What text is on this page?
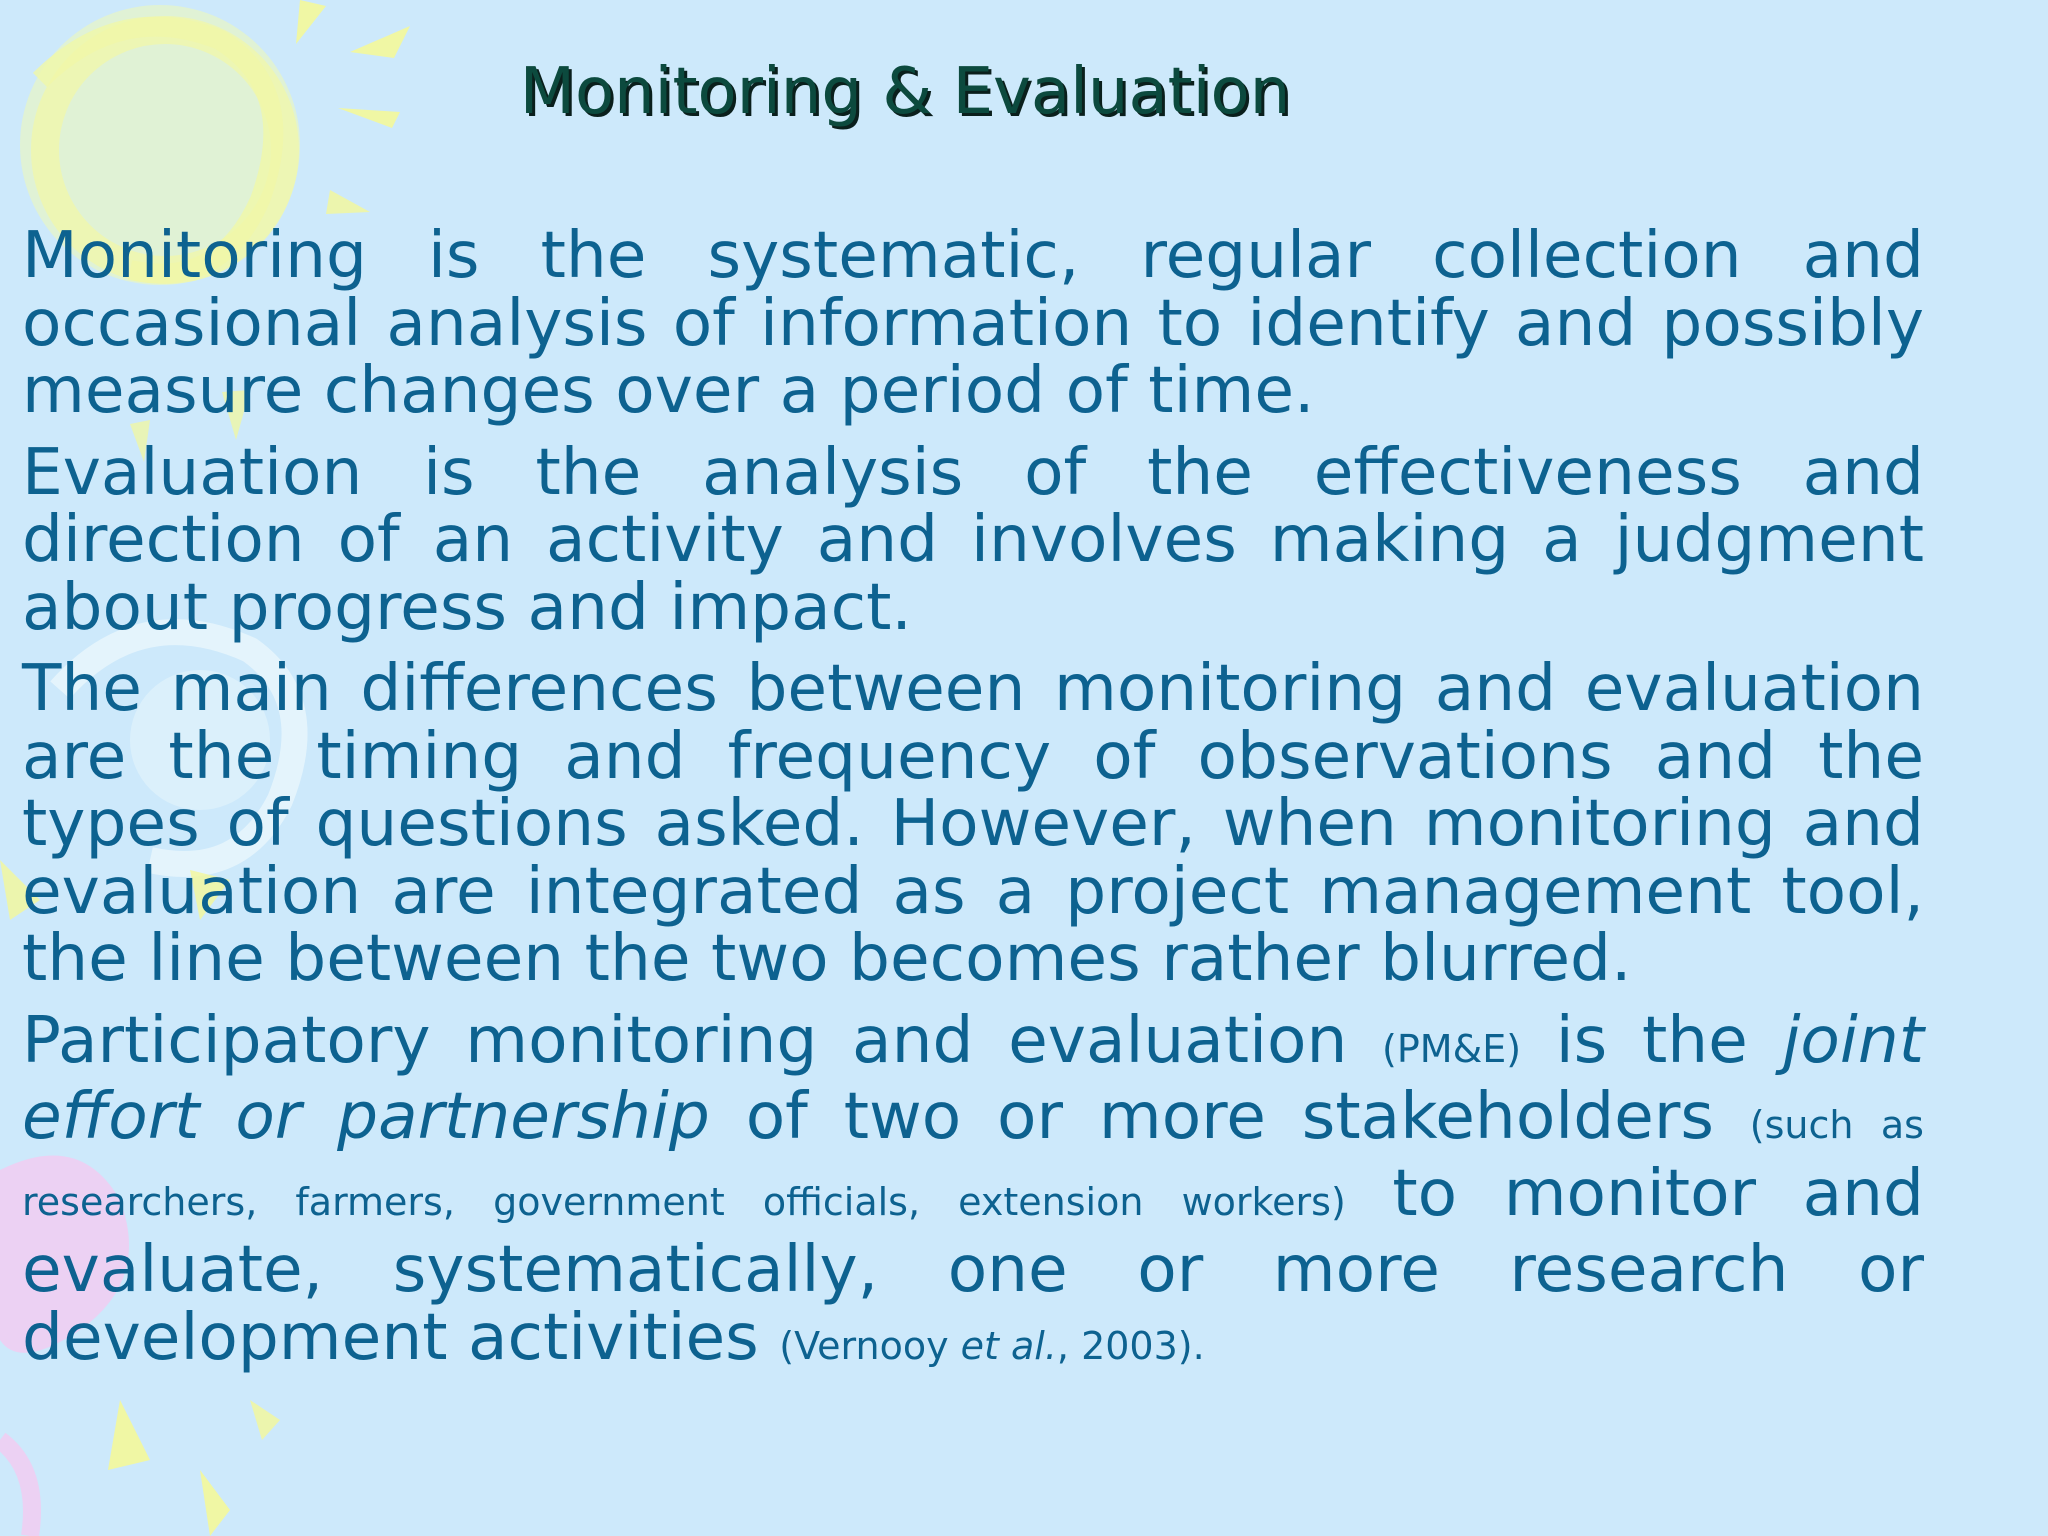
Monitoring & Evaluation

Monitoring is the systematic, regular collection and occasional analysis of information to identify and possibly measure changes over a period of time.

Evaluation is the analysis of the effectiveness and direction of an activity and involves making a judgment about progress and impact.

The main differences between monitoring and evaluation are the timing and frequency of observations and the types of questions asked. However, when monitoring and evaluation are integrated as a project management tool, the line between the two becomes rather blurred.

Participatory monitoring and evaluation (PM&E) is the joint effort or partnership of two or more stakeholders (such as researchers, farmers, government officials, extension workers) to monitor and evaluate, systematically, one or more research or development activities (Vernooy et al., 2003).
